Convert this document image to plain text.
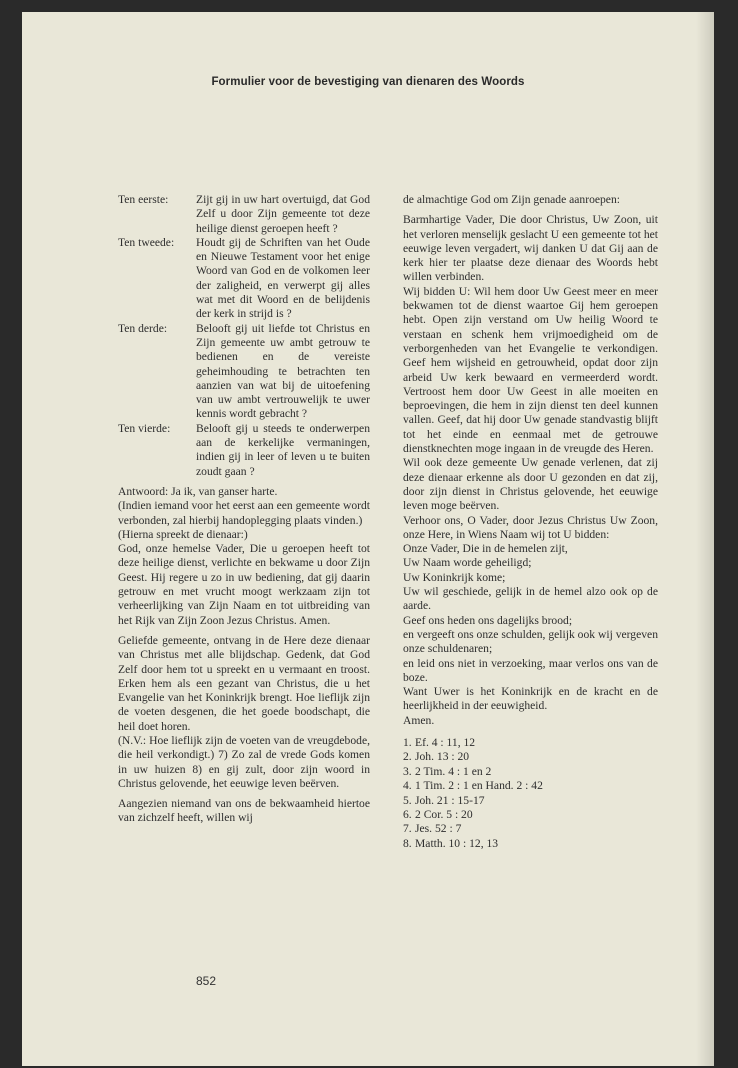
Formulier voor de bevestiging van dienaren des Woords
Ten eerste:	Zijt gij in uw hart overtuigd, dat God Zelf u door Zijn gemeente tot deze heilige dienst geroepen heeft ?
Ten tweede:	Houdt gij de Schriften van het Oude en Nieuwe Testament voor het enige Woord van God en de volkomen leer der zaligheid, en verwerpt gij alles wat met dit Woord en de belijdenis der kerk in strijd is ?
Ten derde:	Belooft gij uit liefde tot Christus en Zijn gemeente uw ambt getrouw te bedienen en de vereiste geheimhouding te betrachten ten aanzien van wat bij de uitoefening van uw ambt vertrouwelijk te uwer kennis wordt gebracht ?
Ten vierde:	Belooft gij u steeds te onderwerpen aan de kerkelijke vermaningen, indien gij in leer of leven u te buiten zoudt gaan ?

Antwoord: Ja ik, van ganser harte.

(Indien iemand voor het eerst aan een gemeente wordt verbonden, zal hierbij handoplegging plaats vinden.)

(Hierna spreekt de dienaar:)

God, onze hemelse Vader, Die u geroepen heeft tot deze heilige dienst, verlichte en bekwame u door Zijn Geest. Hij regere u zo in uw bediening, dat gij daarin getrouw en met vrucht moogt werkzaam zijn tot verheerlijking van Zijn Naam en tot uitbreiding van het Rijk van Zijn Zoon Jezus Christus. Amen.

Geliefde gemeente, ontvang in de Here deze dienaar van Christus met alle blijdschap. Gedenk, dat God Zelf door hem tot u spreekt en u vermaant en troost. Erken hem als een gezant van Christus, die u het Evangelie van het Koninkrijk brengt. Hoe lieflijk zijn de voeten desgenen, die het goede boodschapt, die heil doet horen.

(N.V.: Hoe lieflijk zijn de voeten van de vreugdebode, die heil verkondigt.) 7) Zo zal de vrede Gods komen in uw huizen 8) en gij zult, door zijn woord in Christus gelovende, het eeuwige leven beërven.

Aangezien niemand van ons de bekwaamheid hiertoe van zichzelf heeft, willen wij

de almachtige God om Zijn genade aanroepen:

Barmhartige Vader, Die door Christus, Uw Zoon, uit het verloren menselijk geslacht U een gemeente tot het eeuwige leven vergadert, wij danken U dat Gij aan de kerk hier ter plaatse deze dienaar des Woords hebt willen verbinden.

Wij bidden U: Wil hem door Uw Geest meer en meer bekwamen tot de dienst waartoe Gij hem geroepen hebt. Open zijn verstand om Uw heilig Woord te verstaan en schenk hem vrijmoedigheid om de verborgenheden van het Evangelie te verkondigen. Geef hem wijsheid en getrouwheid, opdat door zijn arbeid Uw kerk bewaard en vermeerderd wordt. Vertroost hem door Uw Geest in alle moeiten en beproevingen, die hem in zijn dienst ten deel kunnen vallen. Geef, dat hij door Uw genade standvastig blijft tot het einde en eenmaal met de getrouwe dienstknechten moge ingaan in de vreugde des Heren.

Wil ook deze gemeente Uw genade verlenen, dat zij deze dienaar erkenne als door U gezonden en dat zij, door zijn dienst in Christus gelovende, het eeuwige leven moge beërven.

Verhoor ons, O Vader, door Jezus Christus Uw Zoon, onze Here, in Wiens Naam wij tot U bidden:

Onze Vader, Die in de hemelen zijt,

Uw Naam worde geheiligd;

Uw Koninkrijk kome;

Uw wil geschiede, gelijk in de hemel alzo ook op de aarde.

Geef ons heden ons dagelijks brood;

en vergeeft ons onze schulden, gelijk ook wij vergeven onze schuldenaren;

en leid ons niet in verzoeking, maar verlos ons van de boze.

Want Uwer is het Koninkrijk en de kracht en de heerlijkheid in der eeuwigheid.

Amen.

1. Ef. 4 : 11, 12
2. Joh. 13 : 20
3. 2 Tim. 4 : 1 en 2
4. 1 Tim. 2 : 1 en Hand. 2 : 42
5. Joh. 21 : 15-17
6. 2 Cor. 5 : 20
7. Jes. 52 : 7
8. Matth. 10 : 12, 13
852
